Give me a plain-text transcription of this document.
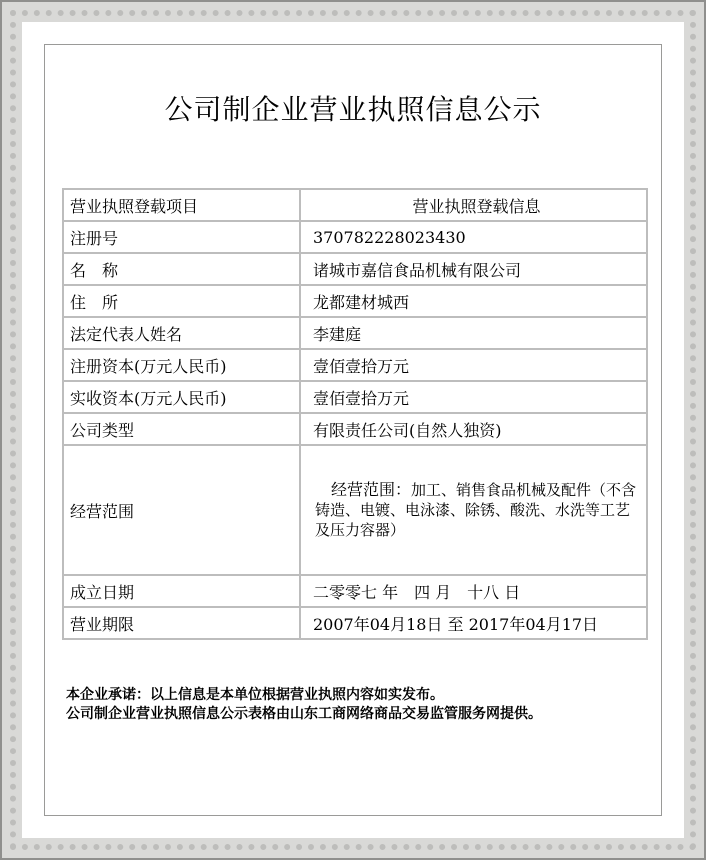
公司制企业营业执照信息公示
营业执照登载项目	营业执照登载信息
注册号	370782228023430
名　称	诸城市嘉信食品机械有限公司
住　所	龙都建材城西
法定代表人姓名	李建庭
注册资本(万元人民币)	壹佰壹拾万元
实收资本(万元人民币)	壹佰壹拾万元
公司类型	有限责任公司(自然人独资)
经营范围	经营范围：加工、销售食品机械及配件（不含铸造、电镀、电泳漆、除锈、酸洗、水洗等工艺及压力容器）

成立日期	二零零七 年　四 月　十八 日
营业期限	2007年04月18日 至 2017年04月17日
本企业承诺：以上信息是本单位根据营业执照内容如实发布。
公司制企业营业执照信息公示表格由山东工商网络商品交易监管服务网提供。
